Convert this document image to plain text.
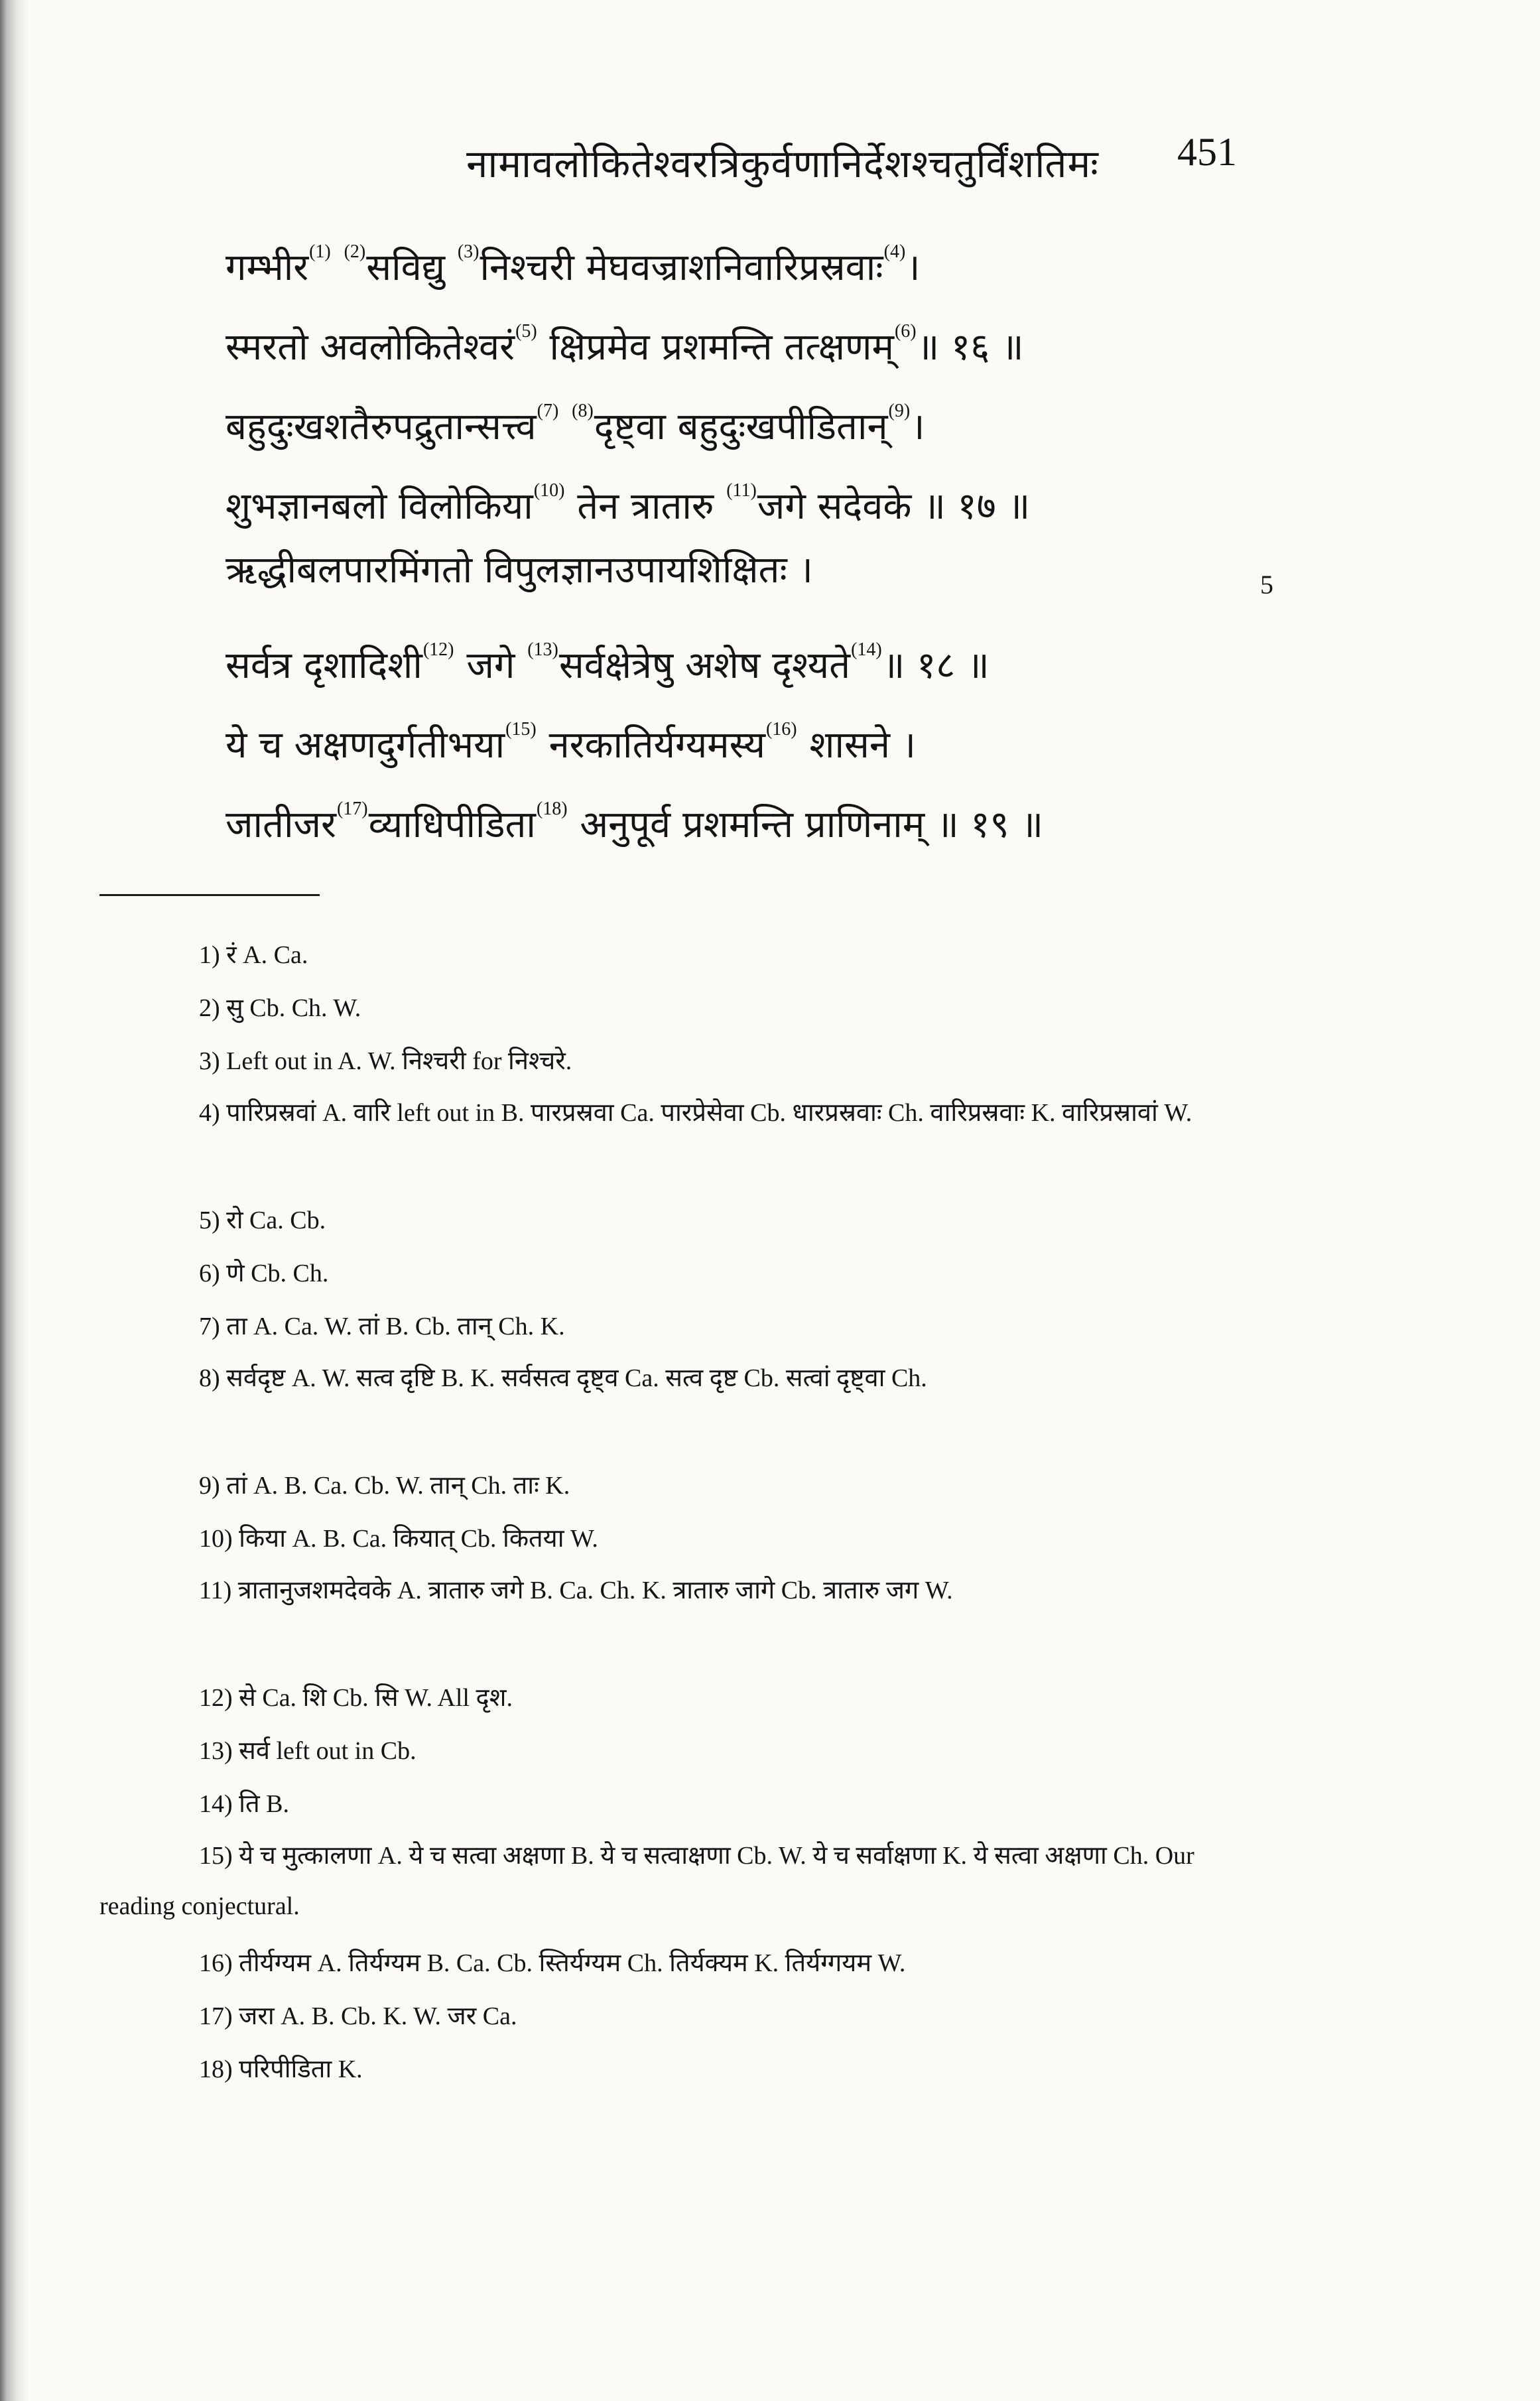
नामावलोकितेश्वरत्रिकुर्वणानिर्देशश्चतुर्विंशतिमः	451
गम्भीर$^{(1)}$ $^{(2)}$सविद्यु $^{(3)}$निश्चरी मेघवज्राशनिवारिप्रस्रवाः$^{(4)}$।
स्मरतो अवलोकितेश्वरं$^{(5)}$ क्षिप्रमेव प्रशमन्ति तत्क्षणम्$^{(6)}$॥ १६ ॥
बहुदुःखशतैरुपद्रुतान्सत्त्व$^{(7)}$ $^{(8)}$दृष्ट्वा बहुदुःखपीडितान्$^{(9)}$।
शुभज्ञानबलो विलोकिया$^{(10)}$ तेन त्रातारु $^{(11)}$जगे सदेवके ॥ १७ ॥
ऋद्धीबलपारमिंगतो विपुलज्ञानउपायशिक्षितः ।
सर्वत्र दृशादिशी$^{(12)}$ जगे $^{(13)}$सर्वक्षेत्रेषु अशेष दृश्यते$^{(14)}$॥ १८ ॥
ये च अक्षणदुर्गतीभया$^{(15)}$ नरकातिर्यग्यमस्य$^{(16)}$ शासने ।
जातीजर$^{(17)}$व्याधिपीडिता$^{(18)}$ अनुपूर्व प्रशमन्ति प्राणिनाम् ॥ १९ ॥
5
1) रं A. Ca.
2) सु Cb. Ch. W.
3) Left out in A. W. निश्चरी for निश्चरे.
4) पारिप्रस्रवां A. वारि left out in B. पारप्रस्रवा Ca. पारप्रेसेवा Cb. धारप्रस्रवाः Ch. वारिप्रस्रवाः K. वारिप्रस्रावां W.
5) रो Ca. Cb.
6) णे Cb. Ch.
7) ता A. Ca. W. तां B. Cb. तान् Ch. K.
8) सर्वदृष्ट A. W. सत्व दृष्टि B. K. सर्वसत्व दृष्ट्व Ca. सत्व दृष्ट Cb. सत्वां दृष्ट्वा Ch.
9) तां A. B. Ca. Cb. W. तान् Ch. ताः K.
10) किया A. B. Ca. कियात् Cb. कितया W.
11) त्रातानुजशमदेवके A. त्रातारु जगे B. Ca. Ch. K. त्रातारु जागे Cb. त्रातारु जग W.
12) से Ca. शि Cb. सि W. All दृश.
13) सर्व left out in Cb.
14) ति B.
15) ये च मुत्कालणा A. ये च सत्वा अक्षणा B. ये च सत्वाक्षणा Cb. W. ये च सर्वाक्षणा K. ये सत्वा अक्षणा Ch. Our reading conjectural.
16) तीर्यग्यम A. तिर्यग्यम B. Ca. Cb. स्तिर्यग्यम Ch. तिर्यक्यम K. तिर्यग्गयम W.
17) जरा A. B. Cb. K. W. जर Ca.
18) परिपीडिता K.
